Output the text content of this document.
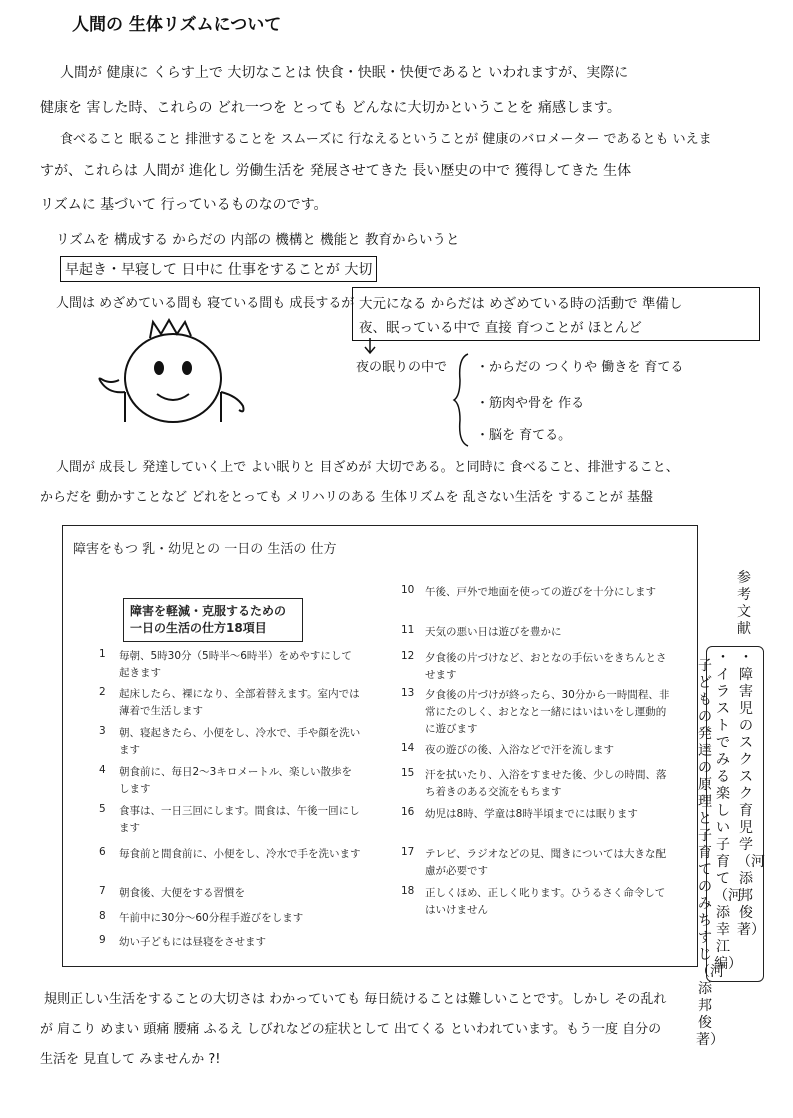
人間の 生体リズムについて
人間が 健康に くらす上で 大切なことは 快食・快眠・快便であると いわれますが、実際に
健康を 害した時、これらの どれ一つを とっても どんなに大切かということを 痛感します。
食べること 眠ること 排泄することを スムーズに 行なえるということが 健康のバロメーター であるとも いえま
すが、これらは 人間が 進化し 労働生活を 発展させてきた 長い歴史の中で 獲得してきた 生体
リズムに 基づいて 行っているものなのです。
リズムを 構成する からだの 内部の 機構と 機能と 教育からいうと
早起き・早寝して 日中に 仕事をすることが 大切
人間は めざめている間も 寝ている間も 成長するが 大元になる からだは めざめている時の活動で 準備し
夜、眠っている中で 直接 育つことが ほとんど
夜の眠りの中で ・からだの つくりや 働きを 育てる
・筋肉や骨を 作る
・脳を 育てる。
人間が 成長し 発達していく上で よい眠りと 目ざめが 大切である。と同時に 食べること、排泄すること、
からだを 動かすことなど どれをとっても メリハリのある 生体リズムを 乱さない生活を することが 基盤
障害をもつ 乳・幼児との 一日の 生活の 仕方
障害を軽減・克服するための
一日の生活の仕方18項目
1 毎朝、5時30分（5時半～6時半）をめやすにして
起きます
2 起床したら、裸になり、全部着替えます。室内では
薄着で生活します
3 朝、寝起きたら、小便をし、冷水で、手や顔を洗い
ます
4 朝食前に、毎日2～3キロメートル、楽しい散歩を
します
5 食事は、一日三回にします。間食は、午後一回にし
ます
6 毎食前と間食前に、小便をし、冷水で手を洗います
7 朝食後、大便をする習慣を
8 午前中に30分～60分程手遊びをします
9 幼い子どもには昼寝をさせます
10 午後、戸外で地面を使っての遊びを十分にします
11 天気の悪い日は遊びを豊かに
12 夕食後の片づけなど、おとなの手伝いをきちんとさ
せます
13 夕食後の片づけが終ったら、30分から一時間程、非
常にたのしく、おとなと一緒にはいはいをし運動的
に遊びます
14 夜の遊びの後、入浴などで汗を流します
15 汗を拭いたり、入浴をすませた後、少しの時間、落
ち着きのある交流をもちます
16 幼児は8時、学童は8時半頃までには眠ります
17 テレビ、ラジオなどの見、聞きについては大きな配
慮が必要です
18 正しくほめ、正しく叱ります。ひうるさく命令して
はいけません
参考文献
・障害児のスクスク育児学（河添邦俊著）
・イラストでみる楽しい子育て（河添幸江編）
子どもの発達の原理と子育てのみちすじ（河添邦俊著）
規則正しい生活をすることの大切さは わかっていても 毎日続けることは難しいことです。しかし その乱れ
が 肩こり めまい 頭痛 腰痛 ふるえ しびれなどの症状として 出てくる といわれています。もう一度 自分の
生活を 見直して みませんか ?!
